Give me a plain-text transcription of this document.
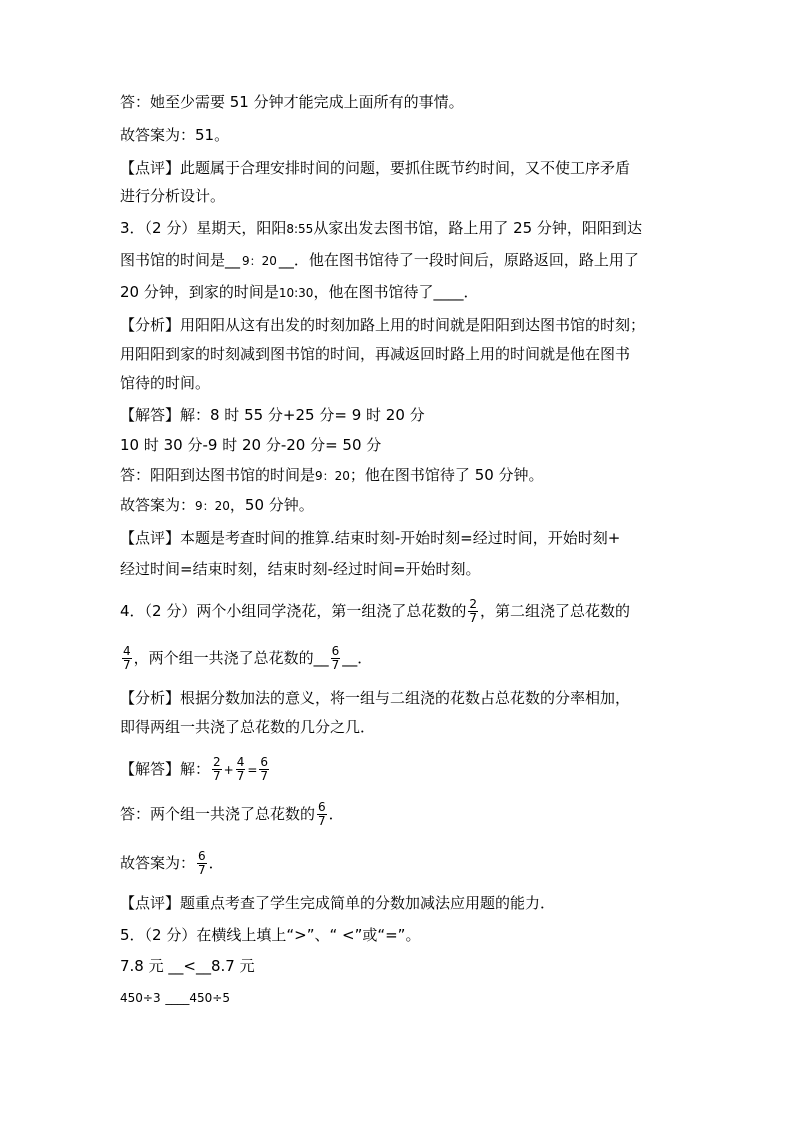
答：她至少需要 51 分钟才能完成上面所有的事情。
故答案为：51。
【点评】此题属于合理安排时间的问题，要抓住既节约时间，又不使工序矛盾
进行分析设计。
3．（2 分）星期天，阳阳8:55从家出发去图书馆，路上用了 25 分钟，阳阳到达
图书馆的时间是__ 9：20 __．他在图书馆待了一段时间后，原路返回，路上用了
20 分钟，到家的时间是10:30，他在图书馆待了____．
【分析】用阳阳从这有出发的时刻加路上用的时间就是阳阳到达图书馆的时刻；
用阳阳到家的时刻减到图书馆的时间，再减返回时路上用的时间就是他在图书
馆待的时间。
【解答】解：8 时 55 分+25 分= 9 时 20 分
10 时 30 分-9 时 20 分-20 分= 50 分
答：阳阳到达图书馆的时间是9：20；他在图书馆待了 50 分钟。
故答案为：9：20，50 分钟。
【点评】本题是考查时间的推算.结束时刻-开始时刻=经过时间，开始时刻+
经过时间=结束时刻，结束时刻-经过时间=开始时刻。
4．（2 分）两个小组同学浇花，第一组浇了总花数的 $\frac{2}{7}$ ，第二组浇了总花数的
$\frac{4}{7}$ ，两个组一共浇了总花数的__ $\frac{6}{7}$ __．
【分析】根据分数加法的意义，将一组与二组浇的花数占总花数的分率相加，
即得两组一共浇了总花数的几分之几．
【解答】解： $\frac{2}{7} + \frac{4}{7} = \frac{6}{7}$
答：两个组一共浇了总花数的 $\frac{6}{7}$ ．
故答案为： $\frac{6}{7}$ ．
【点评】题重点考查了学生完成简单的分数加减法应用题的能力．
5．（2 分）在横线上填上“>”、“ <”或“=”。
7.8 元 __<__8.7 元
450÷3 ____450÷5
